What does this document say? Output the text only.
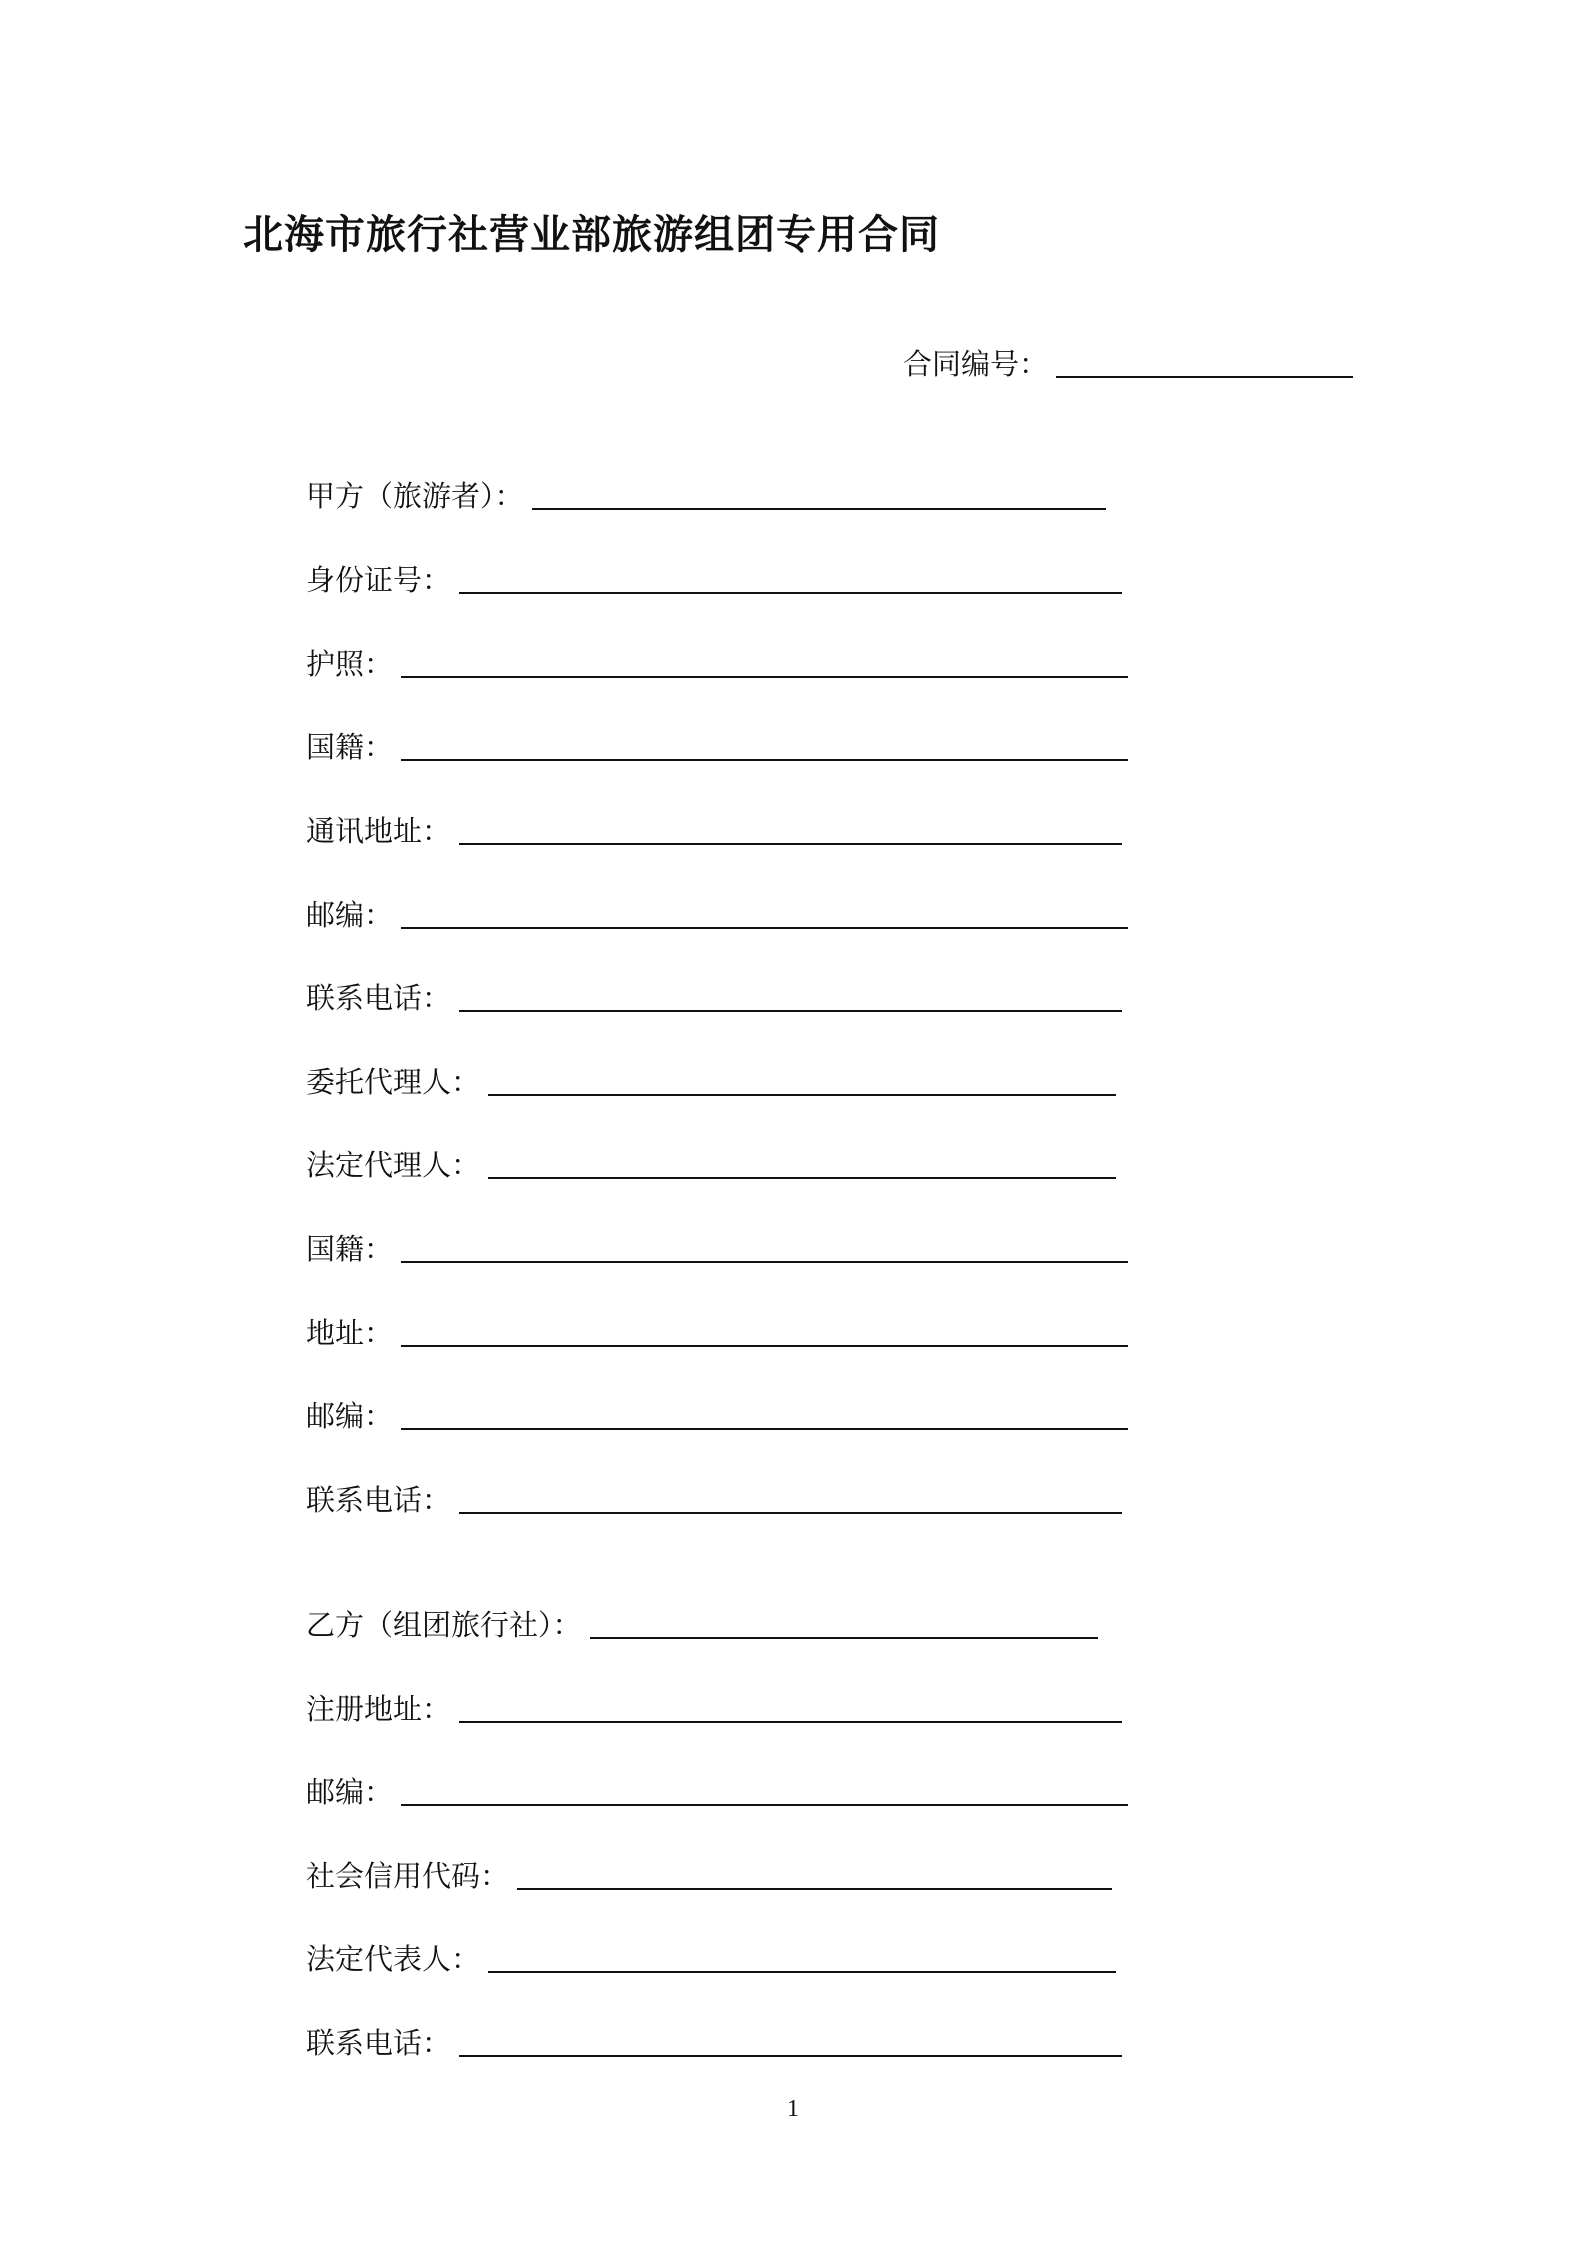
北海市旅行社营业部旅游组团专用合同
合同编号：
甲方（旅游者）：
身份证号：
护照：
国籍：
通讯地址：
邮编：
联系电话：
委托代理人：
法定代理人：
国籍：
地址：
邮编：
联系电话：
乙方（组团旅行社）：
注册地址：
邮编：
社会信用代码：
法定代表人：
联系电话：
1
